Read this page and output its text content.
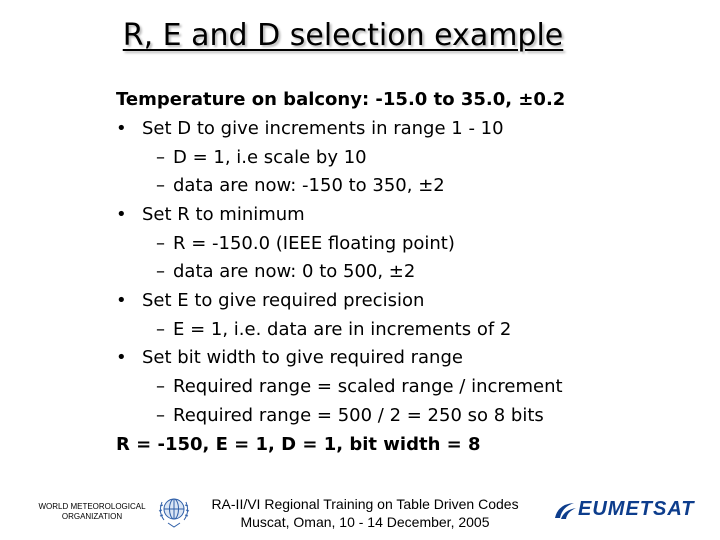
R, E and D selection example
Temperature on balcony: -15.0 to 35.0, ±0.2
• Set D to give increments in range 1 - 10
– D = 1, i.e scale by 10
– data are now: -150 to 350, ±2
• Set R to minimum
– R = -150.0 (IEEE floating point)
– data are now: 0 to 500, ±2
• Set E to give required precision
– E = 1, i.e. data are in increments of 2
• Set bit width to give required range
– Required range = scaled range / increment
– Required range = 500 / 2 = 250 so 8 bits
R = -150, E = 1, D = 1, bit width = 8
WORLD METEOROLOGICAL
ORGANIZATION
RA-II/VI Regional Training on Table Driven Codes
Muscat, Oman, 10 - 14 December, 2005
EUMETSAT
